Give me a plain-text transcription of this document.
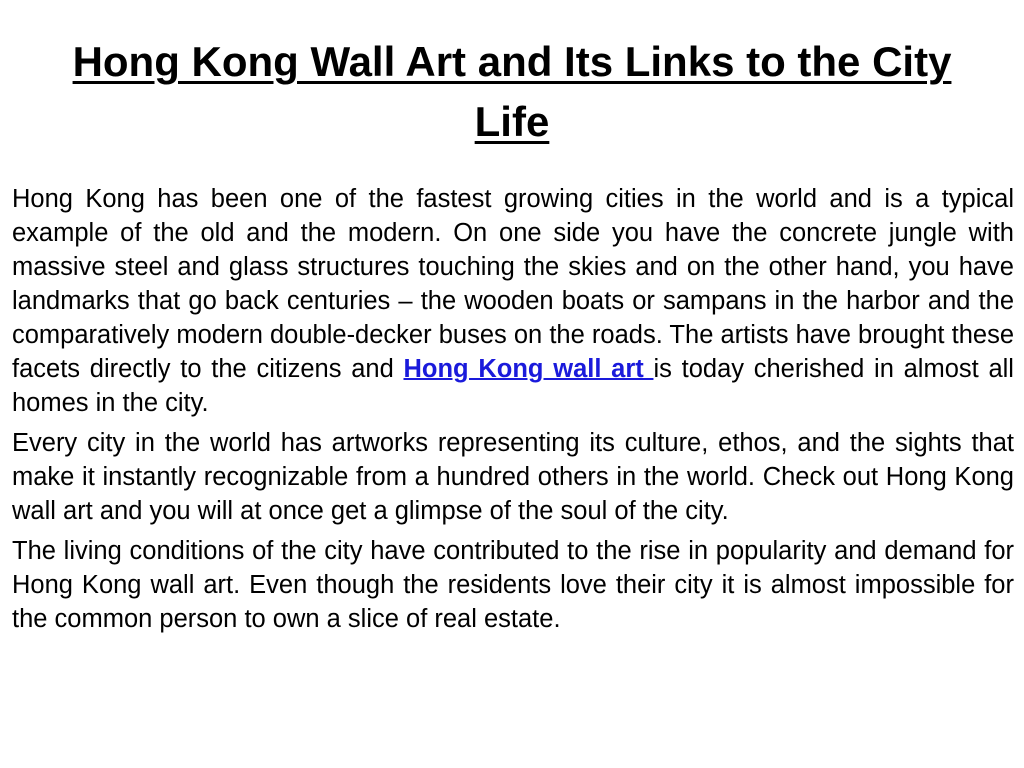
Hong Kong Wall Art and Its Links to the City Life

Hong Kong has been one of the fastest growing cities in the world and is a typical example of the old and the modern. On one side you have the concrete jungle with massive steel and glass structures touching the skies and on the other hand, you have landmarks that go back centuries – the wooden boats or sampans in the harbor and the comparatively modern double-decker buses on the roads. The artists have brought these facets directly to the citizens and Hong Kong wall art is today cherished in almost all homes in the city.

Every city in the world has artworks representing its culture, ethos, and the sights that make it instantly recognizable from a hundred others in the world. Check out Hong Kong wall art and you will at once get a glimpse of the soul of the city.

The living conditions of the city have contributed to the rise in popularity and demand for Hong Kong wall art. Even though the residents love their city it is almost impossible for the common person to own a slice of real estate.
